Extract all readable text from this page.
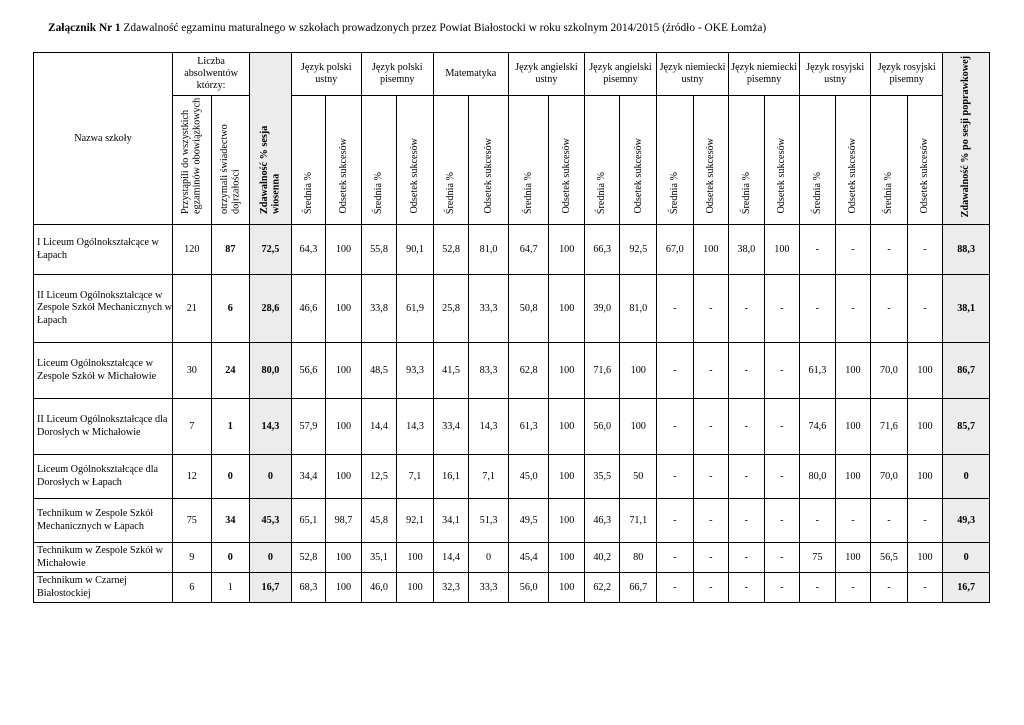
Załącznik Nr 1 Zdawalność egzaminu maturalnego w szkołach prowadzonych przez Powiat Białostocki w roku szkolnym 2014/2015 (źródło - OKE Łomża)
Nazwa szkoły	Liczba absolwentów którzy:		Zdawalność % sesja wiosenna	Język polski ustny		Język polski pisemny		Matematyka		Język angielski ustny		Język angielski pisemny		Język niemiecki ustny		Język niemiecki pisemny		Język rosyjski ustny		Język rosyjski pisemny		Zdawalność % po sesji poprawkowej
	Przystąpili do wszystkich egzaminów obowiązkowych	otrzymali świadectwo dojrzałości		Średnia %	Odsetek sukcesów	Średnia %	Odsetek sukcesów	Średnia %	Odsetek sukcesów	Średnia %	Odsetek sukcesów	Średnia %	Odsetek sukcesów	Średnia %	Odsetek sukcesów	Średnia %	Odsetek sukcesów	Średnia %	Odsetek sukcesów	Średnia %	Odsetek sukcesów	
I Liceum Ogólnokształcące w Łapach	120	87	72,5	64,3	100	55,8	90,1	52,8	81,0	64,7	100	66,3	92,5	67,0	100	38,0	100	-	-	-	-	88,3
II Liceum Ogólnokształcące w Zespole Szkół Mechanicznych w Łapach	21	6	28,6	46,6	100	33,8	61,9	25,8	33,3	50,8	100	39,0	81,0	-	-	-	-	-	-	-	-	38,1
Liceum Ogólnokształcące w Zespole Szkół w Michałowie	30	24	80,0	56,6	100	48,5	93,3	41,5	83,3	62,8	100	71,6	100	-	-	-	-	61,3	100	70,0	100	86,7
II Liceum Ogólnokształcące dla Dorosłych w Michałowie	7	1	14,3	57,9	100	14,4	14,3	33,4	14,3	61,3	100	56,0	100	-	-	-	-	74,6	100	71,6	100	85,7
Liceum Ogólnokształcące dla Dorosłych w Łapach	12	0	0	34,4	100	12,5	7,1	16,1	7,1	45,0	100	35,5	50	-	-	-	-	80,0	100	70,0	100	0
Technikum w Zespole Szkół Mechanicznych w Łapach	75	34	45,3	65,1	98,7	45,8	92,1	34,1	51,3	49,5	100	46,3	71,1	-	-	-	-	-	-	-	-	49,3
Technikum w Zespole Szkół w Michałowie	9	0	0	52,8	100	35,1	100	14,4	0	45,4	100	40,2	80	-	-	-	-	75	100	56,5	100	0
Technikum w Czarnej Białostockiej	6	1	16,7	68,3	100	46,0	100	32,3	33,3	56,0	100	62,2	66,7	-	-	-	-	-	-	-	-	16,7
